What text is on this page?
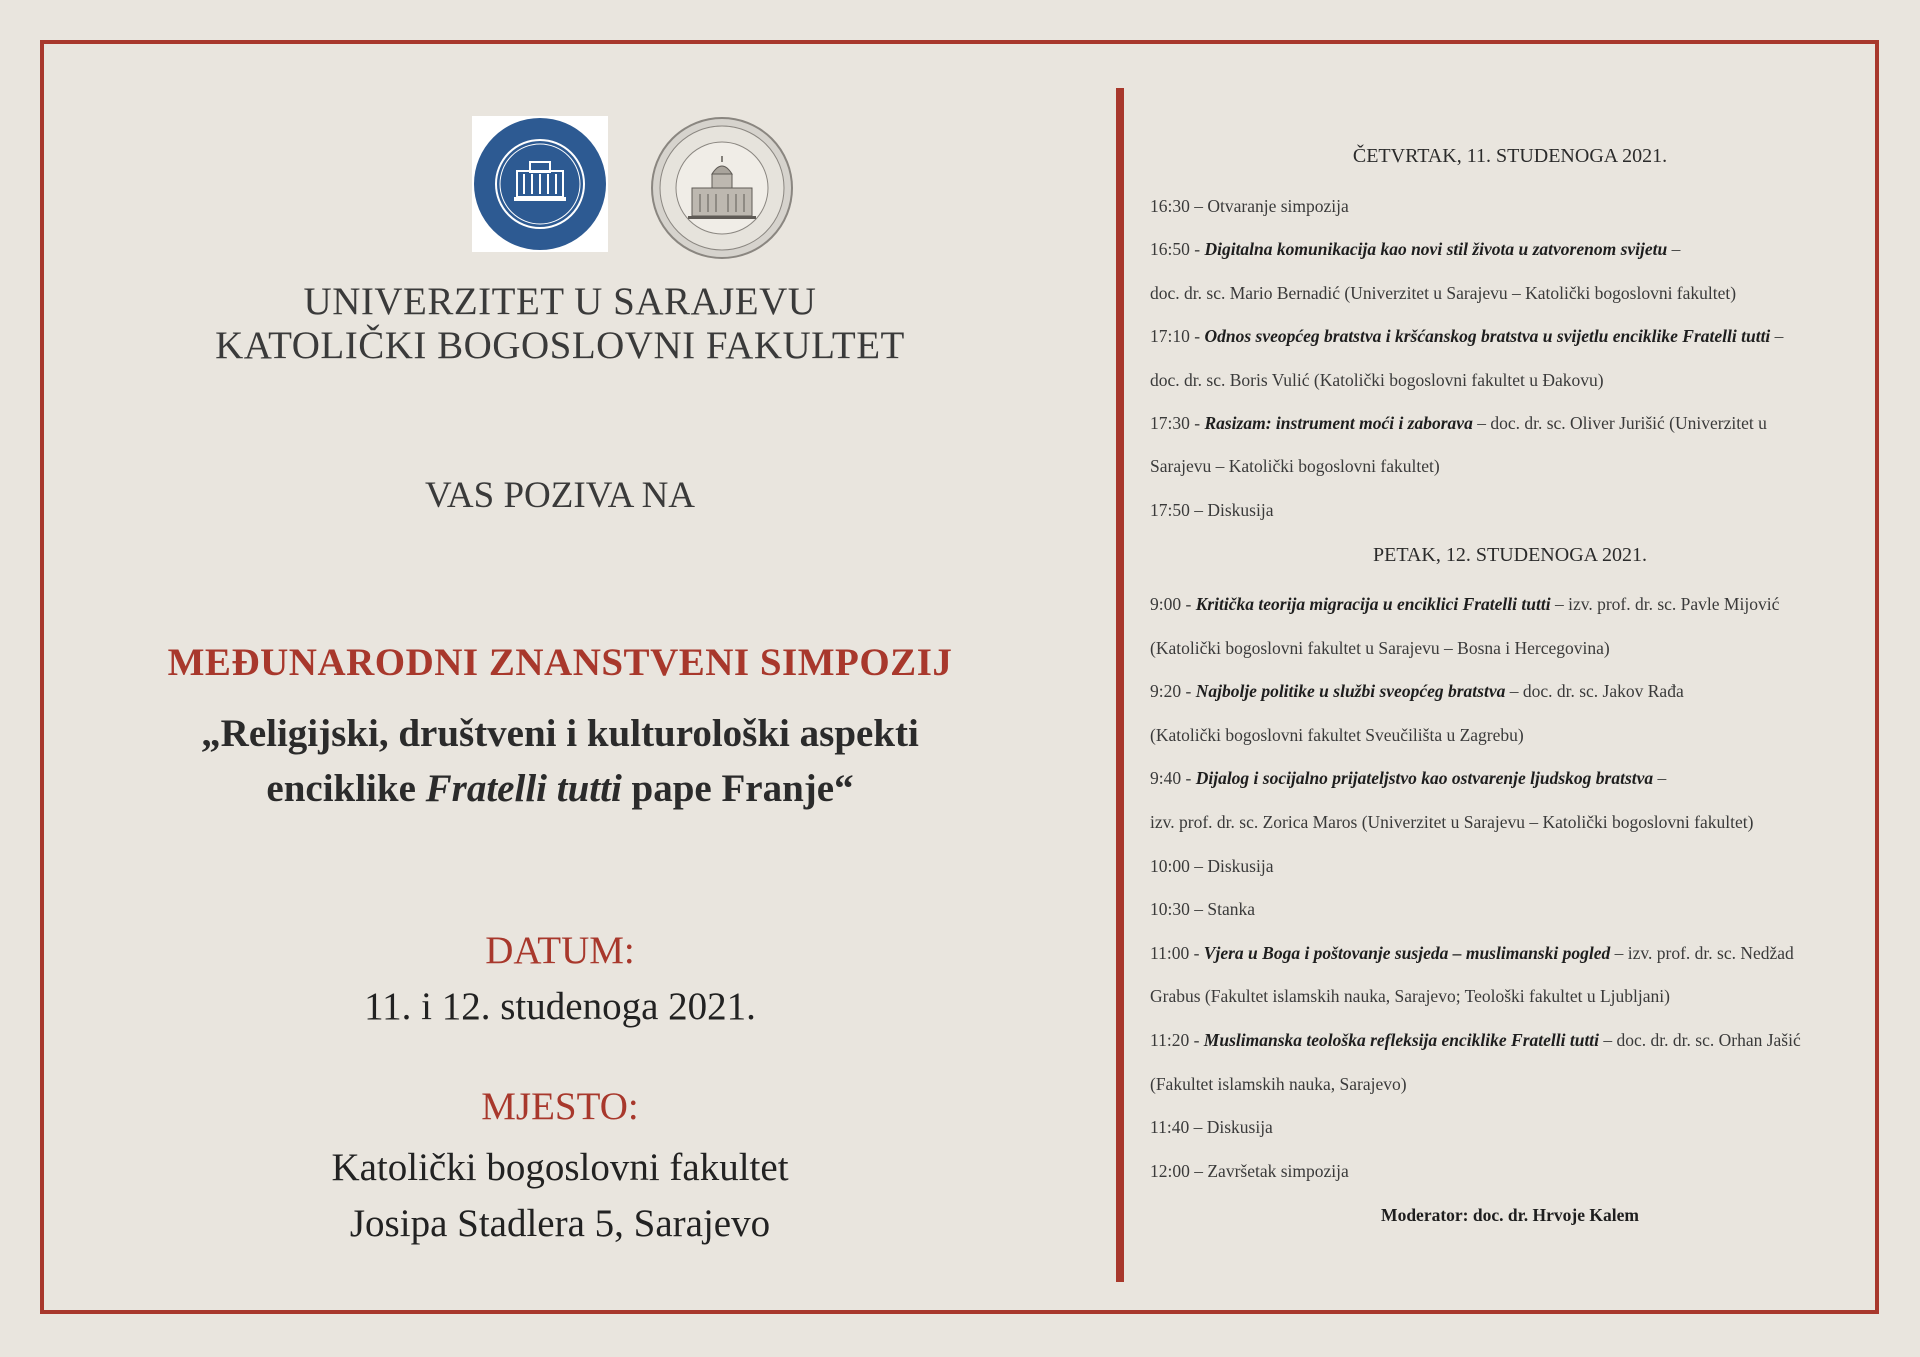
UNIVERZITET U SARAJEVU
KATOLIČKI BOGOSLOVNI FAKULTET
VAS POZIVA NA
MEĐUNARODNI ZNANSTVENI SIMPOZIJ
„Religijski, društveni i kulturološki aspekti
enciklike Fratelli tutti pape Franje“
DATUM:
11. i 12. studenoga 2021.
MJESTO:
Katolički bogoslovni fakultet
Josipa Stadlera 5, Sarajevo
ČETVRTAK, 11. STUDENOGA 2021.
16:30 – Otvaranje simpozija
16:50 - Digitalna komunikacija kao novi stil života u zatvorenom svijetu –
doc. dr. sc. Mario Bernadić (Univerzitet u Sarajevu – Katolički bogoslovni fakultet)
17:10 - Odnos sveopćeg bratstva i kršćanskog bratstva u svijetlu enciklike Fratelli tutti –
doc. dr. sc. Boris Vulić (Katolički bogoslovni fakultet u Đakovu)
17:30 - Rasizam: instrument moći i zaborava – doc. dr. sc. Oliver Jurišić (Univerzitet u
Sarajevu – Katolički bogoslovni fakultet)
17:50 – Diskusija
PETAK, 12. STUDENOGA 2021.
9:00 - Kritička teorija migracija u enciklici Fratelli tutti – izv. prof. dr. sc. Pavle Mijović
(Katolički bogoslovni fakultet u Sarajevu – Bosna i Hercegovina)
9:20 - Najbolje politike u službi sveopćeg bratstva – doc. dr. sc. Jakov Rađa
(Katolički bogoslovni fakultet Sveučilišta u Zagrebu)
9:40 - Dijalog i socijalno prijateljstvo kao ostvarenje ljudskog bratstva –
izv. prof. dr. sc. Zorica Maros (Univerzitet u Sarajevu – Katolički bogoslovni fakultet)
10:00 – Diskusija
10:30 – Stanka
11:00 - Vjera u Boga i poštovanje susjeda – muslimanski pogled – izv. prof. dr. sc. Nedžad
Grabus (Fakultet islamskih nauka, Sarajevo; Teološki fakultet u Ljubljani)
11:20 - Muslimanska teološka refleksija enciklike Fratelli tutti – doc. dr. dr. sc. Orhan Jašić
(Fakultet islamskih nauka, Sarajevo)
11:40 – Diskusija
12:00 – Završetak simpozija
Moderator: doc. dr. Hrvoje Kalem
